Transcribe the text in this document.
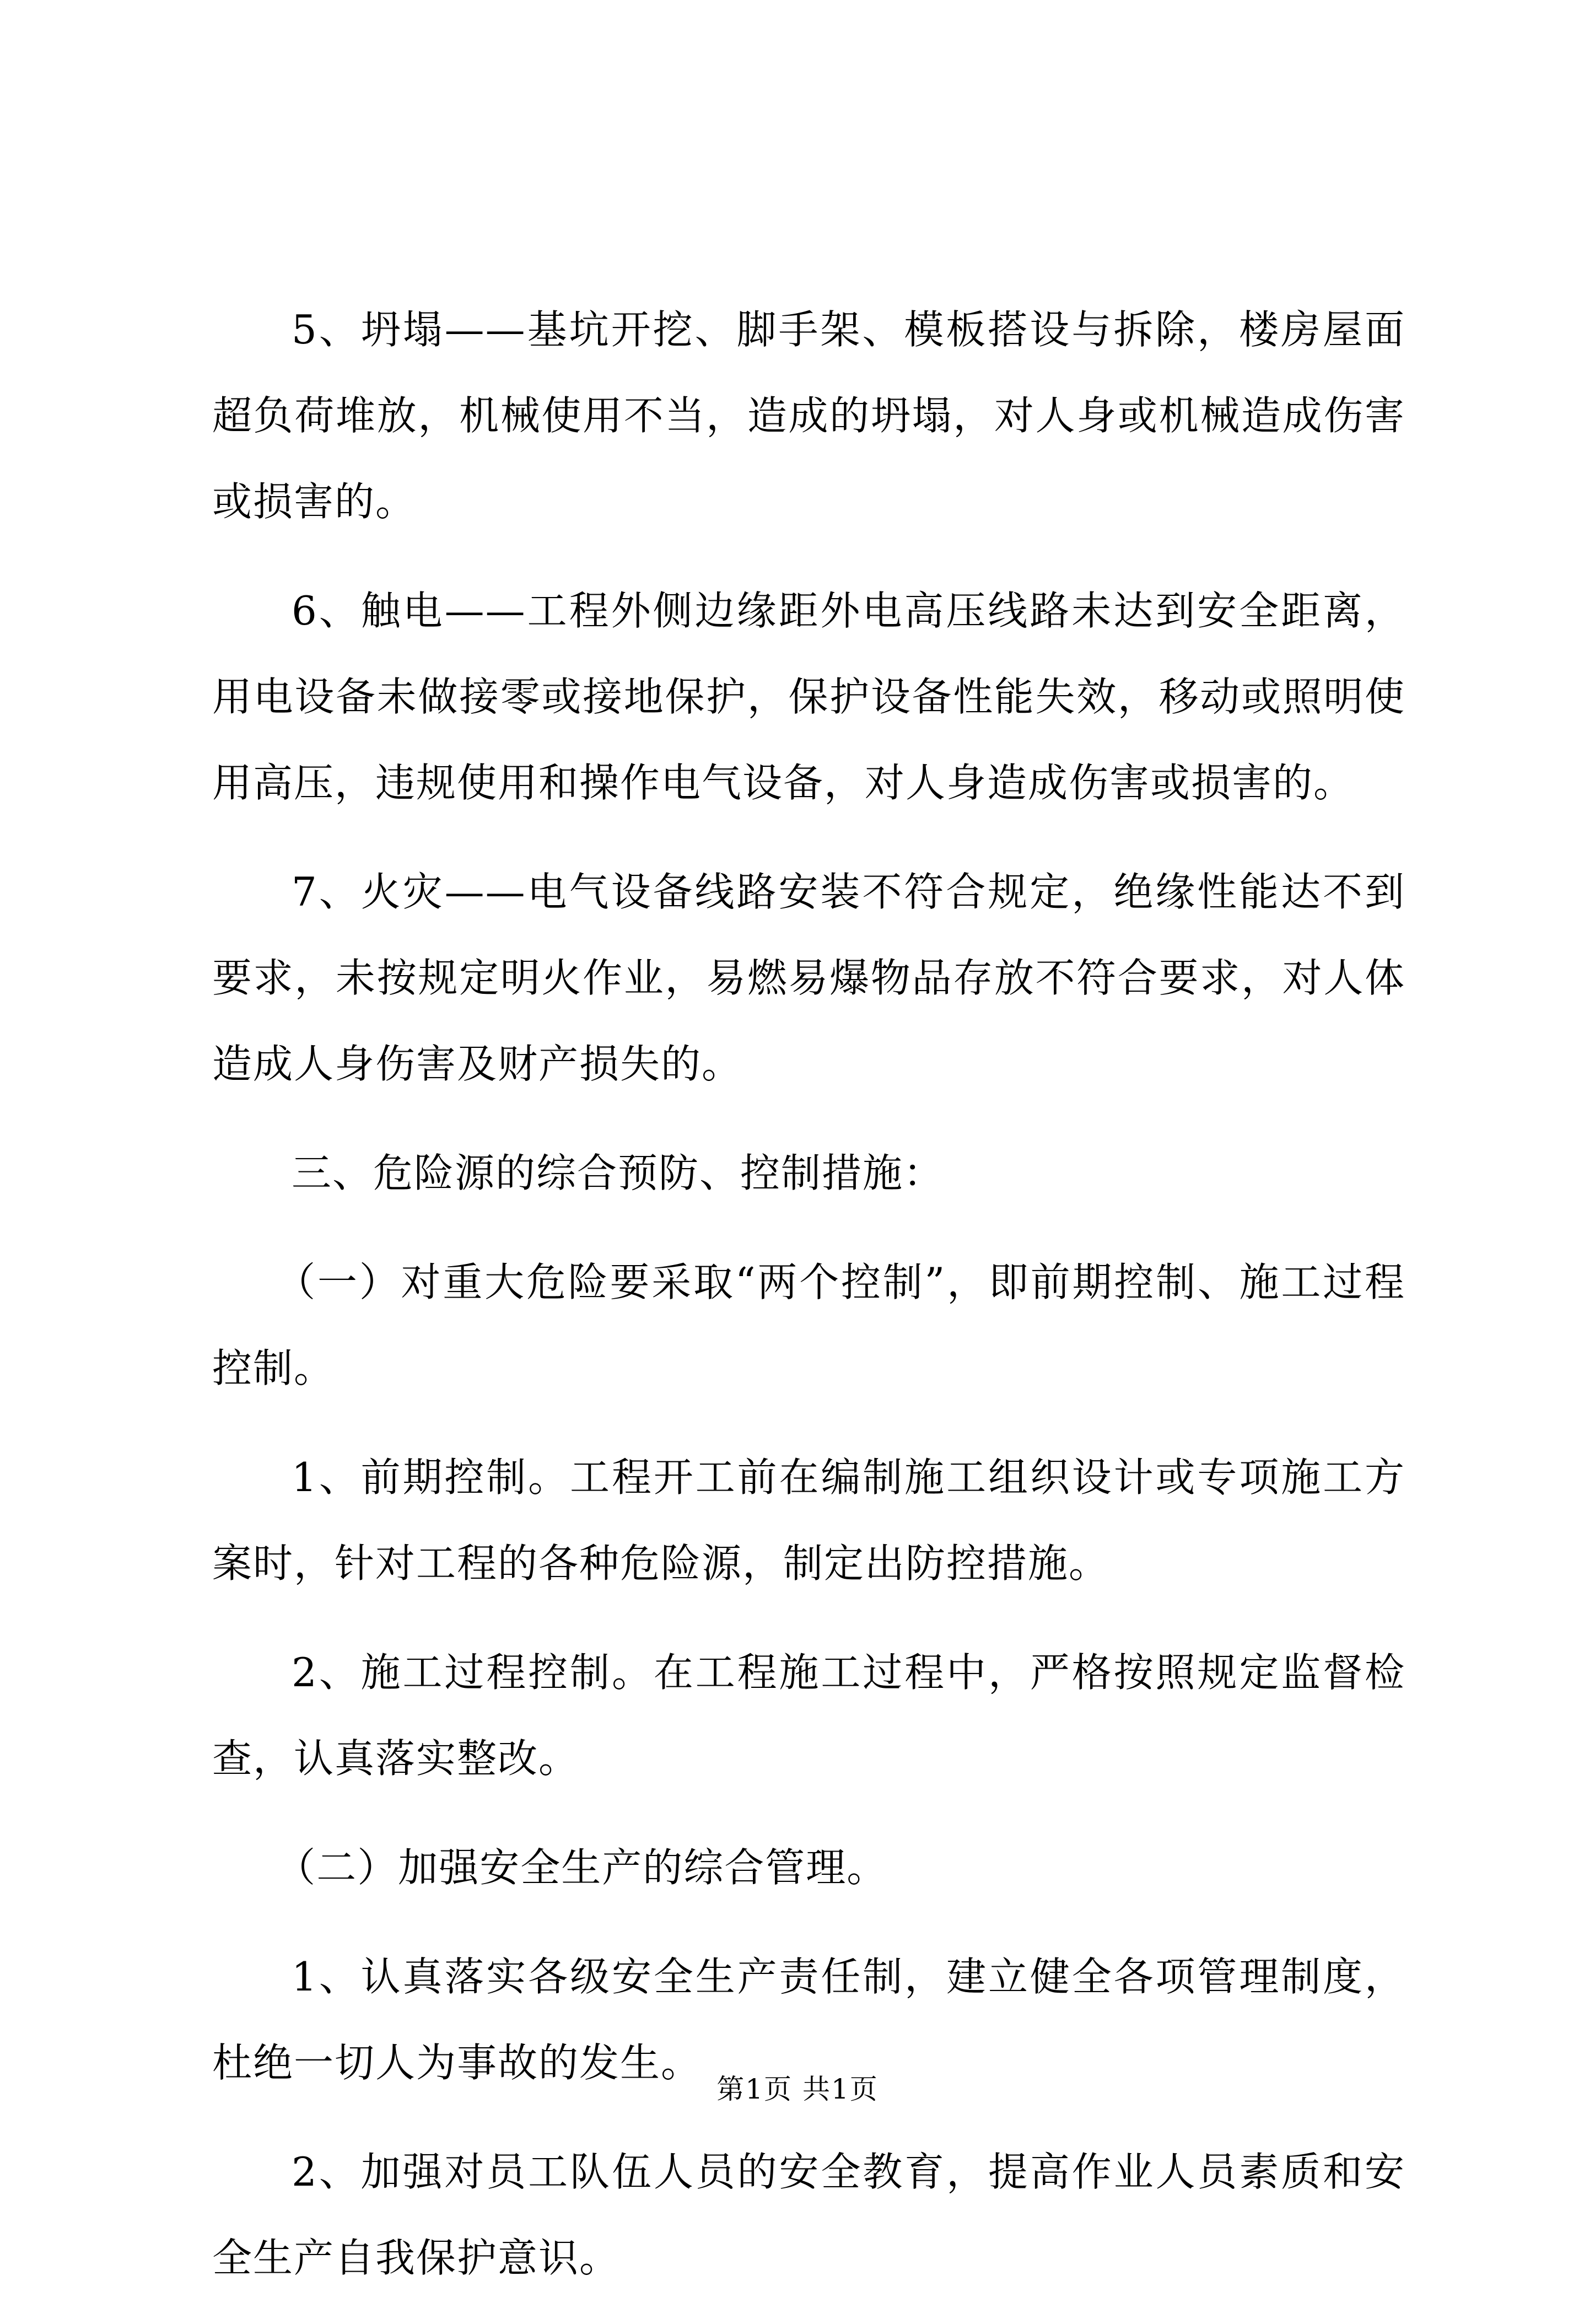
5、坍塌——基坑开挖、脚手架、模板搭设与拆除，楼房屋面超负荷堆放，机械使用不当，造成的坍塌，对人身或机械造成伤害或损害的。

6、触电——工程外侧边缘距外电高压线路未达到安全距离，用电设备未做接零或接地保护，保护设备性能失效，移动或照明使用高压，违规使用和操作电气设备，对人身造成伤害或损害的。

7、火灾——电气设备线路安装不符合规定，绝缘性能达不到要求，未按规定明火作业，易燃易爆物品存放不符合要求，对人体造成人身伤害及财产损失的。

三、危险源的综合预防、控制措施：

（一）对重大危险要采取“两个控制”，即前期控制、施工过程控制。

1、前期控制。工程开工前在编制施工组织设计或专项施工方案时，针对工程的各种危险源，制定出防控措施。

2、施工过程控制。在工程施工过程中，严格按照规定监督检查，认真落实整改。

（二）加强安全生产的综合管理。

1、认真落实各级安全生产责任制，建立健全各项管理制度，杜绝一切人为事故的发生。

2、加强对员工队伍人员的安全教育，提高作业人员素质和安全生产自我保护意识。

第1页 共1页
